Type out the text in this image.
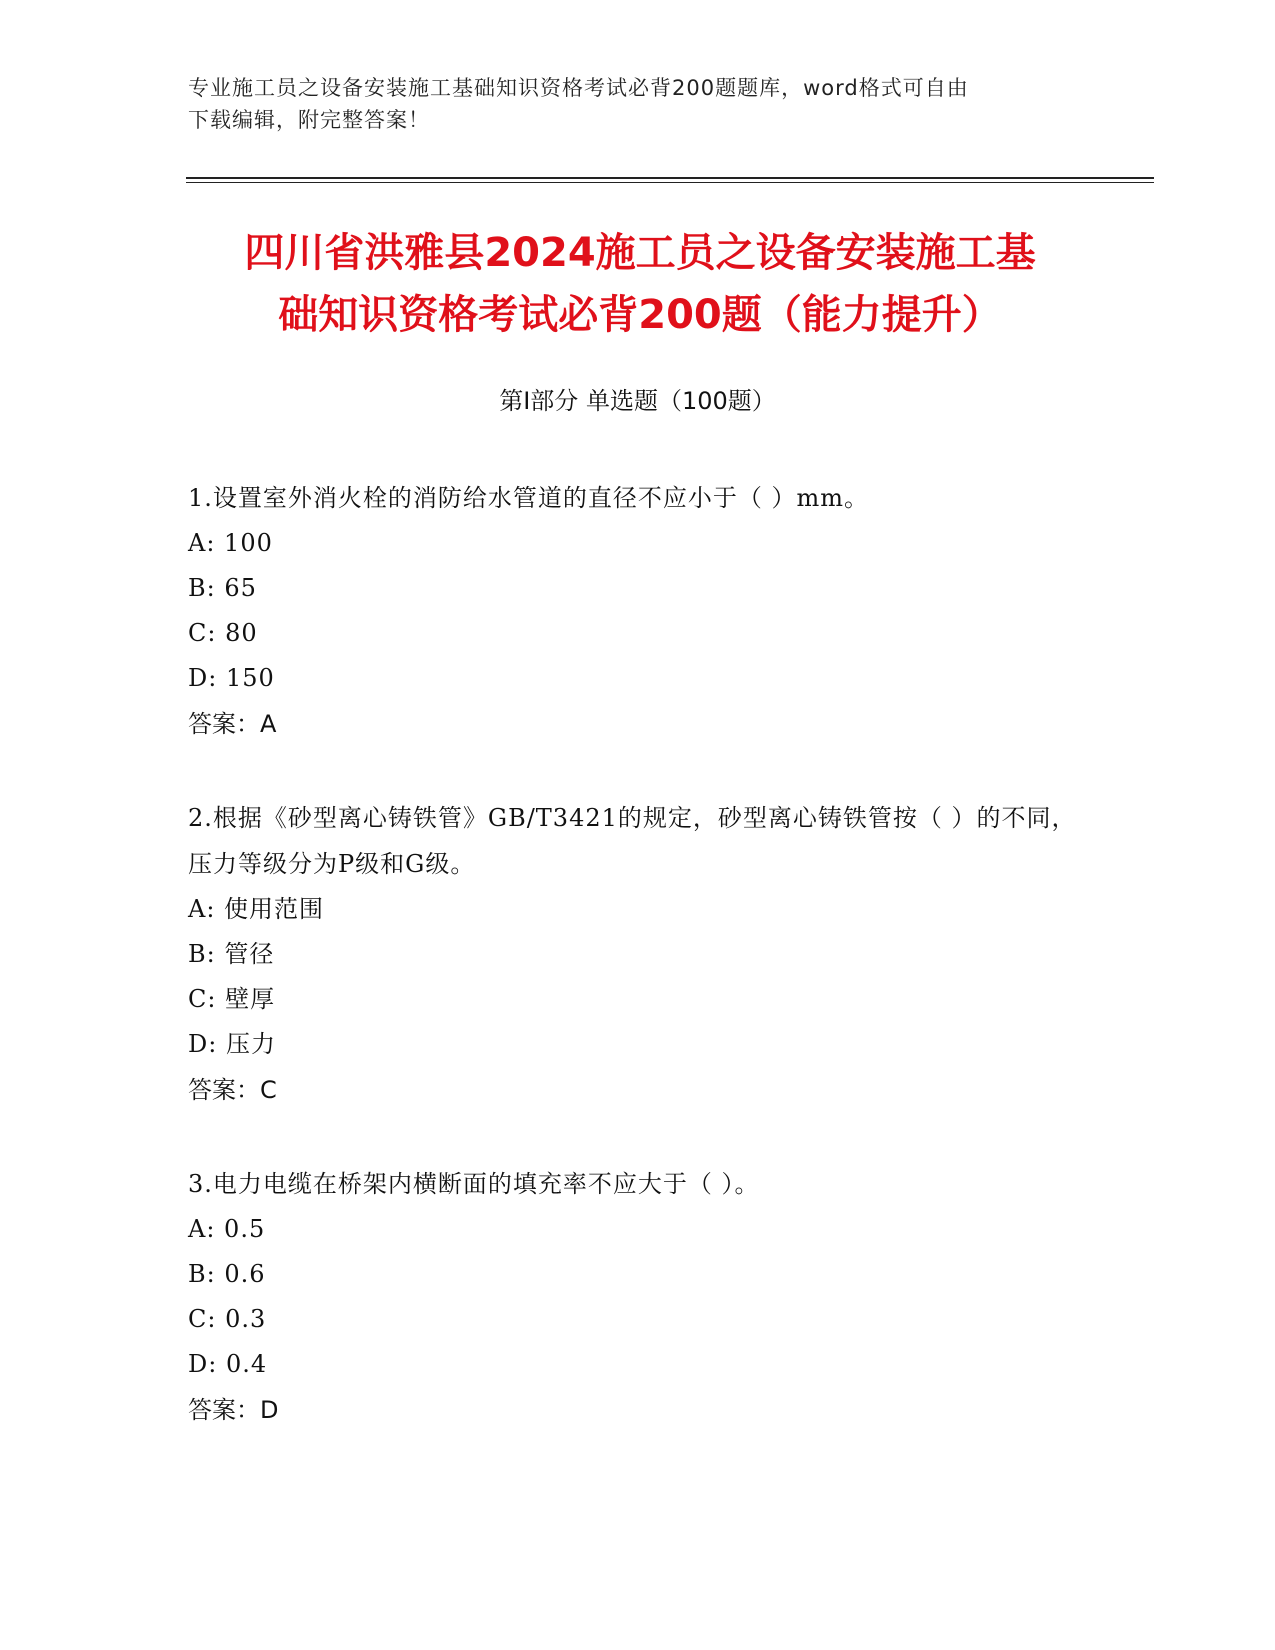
专业施工员之设备安装施工基础知识资格考试必背200题题库，word格式可自由
下载编辑，附完整答案！
四川省洪雅县2024施工员之设备安装施工基
础知识资格考试必背200题（能力提升）
第Ⅰ部分 单选题（100题）
1.设置室外消火栓的消防给水管道的直径不应小于（ ）mm。
A: 100
B: 65
C: 80
D: 150
答案：A
2.根据《砂型离心铸铁管》GB/T3421的规定，砂型离心铸铁管按（ ）的不同，压力等级分为P级和G级。
A: 使用范围
B: 管径
C: 壁厚
D: 压力
答案：C
3.电力电缆在桥架内横断面的填充率不应大于（ ）。
A: 0.5
B: 0.6
C: 0.3
D: 0.4
答案：D
